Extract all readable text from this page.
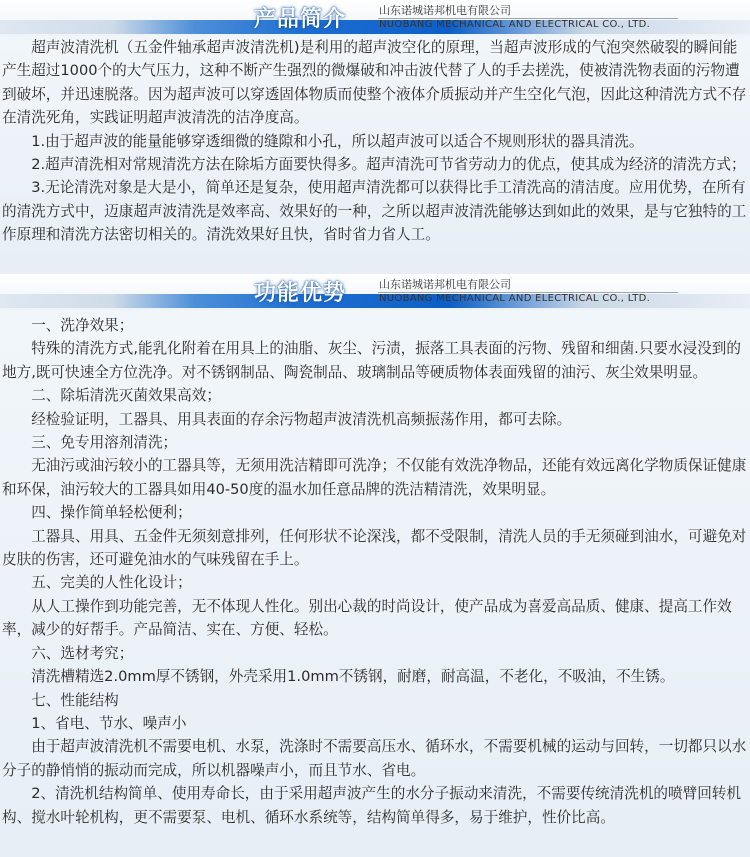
　　超声波清洗机（五金件轴承超声波清洗机)是利用的超声波空化的原理，当超声波形成的气泡突然破裂的瞬间能产生超过1000个的大气压力，这种不断产生强烈的微爆破和冲击波代替了人的手去搓洗，使被清洗物表面的污物遭到破坏，并迅速脱落。因为超声波可以穿透固体物质而使整个液体介质振动并产生空化气泡，因此这种清洗方式不存在清洗死角，实践证明超声波清洗的洁净度高。

　　1.由于超声波的能量能够穿透细微的缝隙和小孔，所以超声波可以适合不规则形状的器具清洗。

　　2.超声清洗相对常规清洗方法在除垢方面要快得多。超声清洗可节省劳动力的优点，使其成为经济的清洗方式；

　　3.无论清洗对象是大是小，简单还是复杂，使用超声清洗都可以获得比手工清洗高的清洁度。应用优势，在所有的清洗方式中，迈康超声波清洗是效率高、效果好的一种，之所以超声波清洗能够达到如此的效果，是与它独特的工作原理和清洗方法密切相关的。清洗效果好且快，省时省力省人工。

产品简介	山东诺城诺邦机电有限公司
NUOBANG MECHANICAL AND ELECTRICAL CO., LTD.

　　一、洗净效果；

　　特殊的清洗方式,能乳化附着在用具上的油脂、灰尘、污渍，振落工具表面的污物、残留和细菌.只要水浸没到的地方,既可快速全方位洗净。对不锈钢制品、陶瓷制品、玻璃制品等硬质物体表面残留的油污、灰尘效果明显。

　　二、除垢清洗灭菌效果高效；

　　经检验证明，工器具、用具表面的存余污物超声波清洗机高频振荡作用，都可去除。

　　三、免专用溶剂清洗；

　　无油污或油污较小的工器具等，无须用洗洁精即可洗净；不仅能有效洗净物品，还能有效远离化学物质保证健康和环保，油污较大的工器具如用40-50度的温水加任意品牌的洗洁精清洗，效果明显。

　　四、操作简单轻松便利；

　　工器具、用具、五金件无须刻意排列，任何形状不论深浅，都不受限制，清洗人员的手无须碰到油水，可避免对皮肤的伤害，还可避免油水的气味残留在手上。

　　五、完美的人性化设计；

　　从人工操作到功能完善，无不体现人性化。别出心裁的时尚设计，使产品成为喜爱高品质、健康、提高工作效率，减少的好帮手。产品简洁、实在、方便、轻松。

　　六、选材考究；

　　清洗槽精选2.0mm厚不锈钢，外壳采用1.0mm不锈钢，耐磨，耐高温，不老化，不吸油，不生锈。

　　七、性能结构

　　1、省电、节水、噪声小

　　由于超声波清洗机不需要电机、水泵，洗涤时不需要高压水、循环水，不需要机械的运动与回转，一切都只以水分子的静悄悄的振动而完成，所以机器噪声小，而且节水、省电。

　　2、清洗机结构简单、使用寿命长，由于采用超声波产生的水分子振动来清洗，不需要传统清洗机的喷臂回转机构、搅水叶轮机构，更不需要泵、电机、循环水系统等，结构简单得多，易于维护，性价比高。

功能优势	山东诺城诺邦机电有限公司
NUOBANG MECHANICAL AND ELECTRICAL CO., LTD.
